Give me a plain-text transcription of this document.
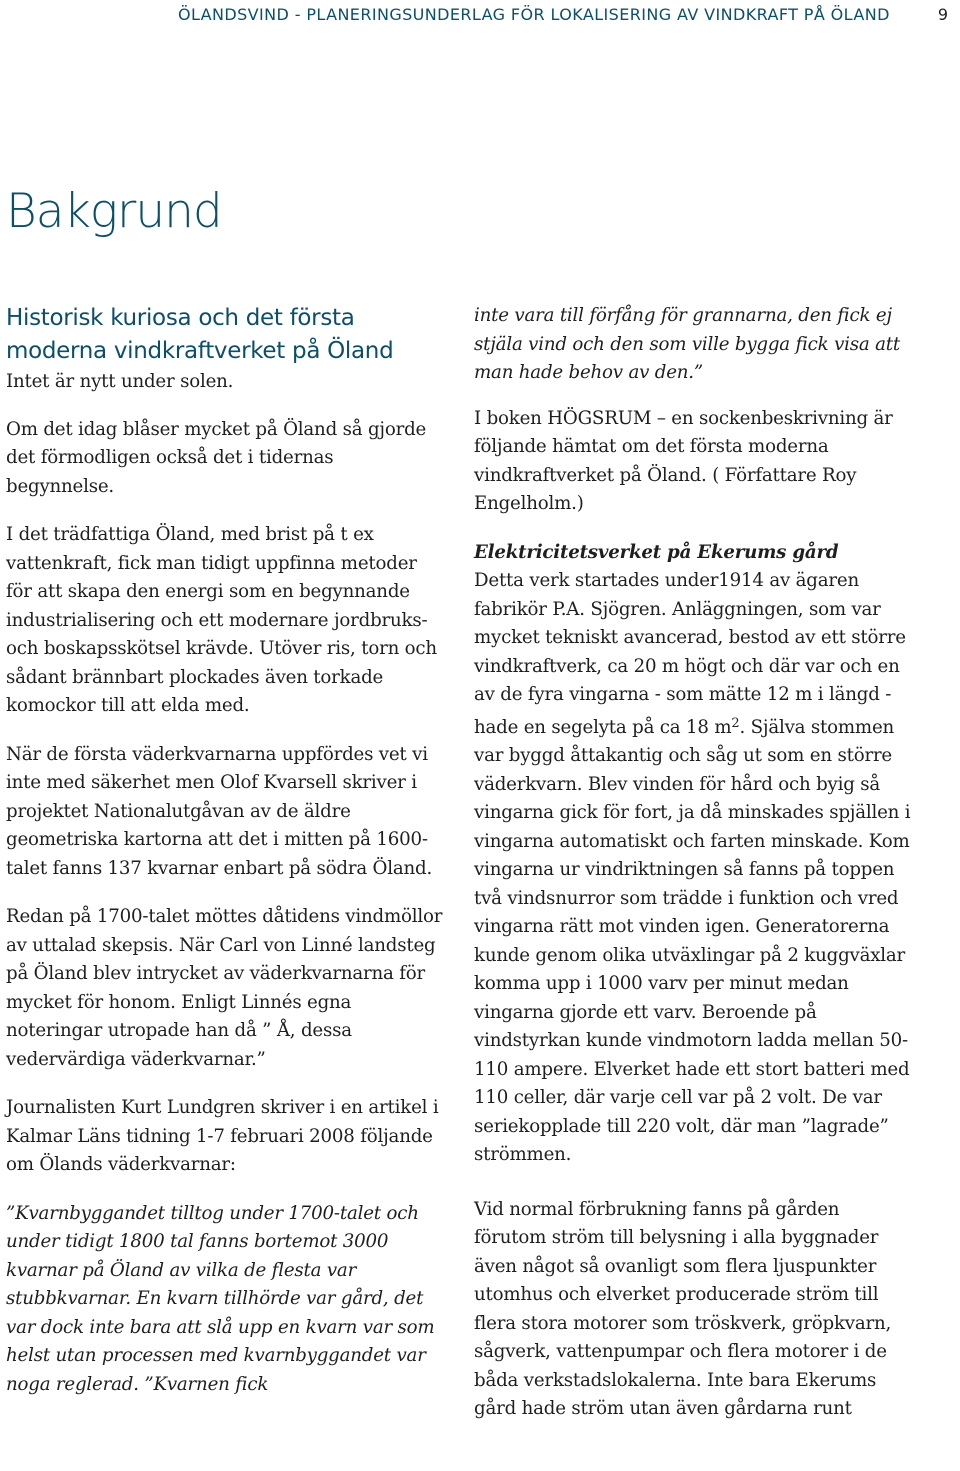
ÖLANDSVIND - PLANERINGSUNDERLAG FÖR LOKALISERING AV VINDKRAFT PÅ ÖLAND	9
Bakgrund
Historisk kuriosa och det första moderna vindkraftverket på Öland

Intet är nytt under solen.

Om det idag blåser mycket på Öland så gjorde det förmodligen också det i tidernas begynnelse.

I det trädfattiga Öland, med brist på t ex vattenkraft, fick man tidigt uppfinna metoder för att skapa den energi som en begynnande industrialisering och ett modernare jordbruks- och boskapsskötsel krävde. Utöver ris, torn och sådant brännbart plockades även torkade komockor till att elda med.

När de första väderkvarnarna uppfördes vet vi inte med säkerhet men Olof Kvarsell skriver i projektet Nationalutgåvan av de äldre geometriska kartorna att det i mitten på 1600-talet fanns 137 kvarnar enbart på södra Öland.

Redan på 1700-talet möttes dåtidens vindmöllor av uttalad skepsis. När Carl von Linné landsteg på Öland blev intrycket av väderkvarnarna för mycket för honom. Enligt Linnés egna noteringar utropade han då ” Å, dessa vedervärdiga väderkvarnar.”

Journalisten Kurt Lundgren skriver i en artikel i Kalmar Läns tidning 1-7 februari 2008 följande om Ölands väderkvarnar:

”Kvarnbyggandet tilltog under 1700-talet och under tidigt 1800 tal fanns bortemot 3000 kvarnar på Öland av vilka de flesta var stubbkvarnar. En kvarn tillhörde var gård, det var dock inte bara att slå upp en kvarn var som helst utan processen med kvarnbyggandet var noga reglerad. ”Kvarnen fick

inte vara till förfång för grannarna, den fick ej stjäla vind och den som ville bygga fick visa att man hade behov av den.”

I boken HÖGSRUM – en sockenbeskrivning är följande hämtat om det första moderna vindkraftverket på Öland. ( Författare Roy Engelholm.)

Elektricitetsverket på Ekerums gård
Detta verk startades under1914 av ägaren fabrikör P.A. Sjögren. Anläggningen, som var mycket tekniskt avancerad, bestod av ett större vindkraftverk, ca 20 m högt och där var och en av de fyra vingarna - som mätte 12 m i längd - hade en segelyta på ca 18 $m^2$. Själva stommen var byggd åttakantig och såg ut som en större väderkvarn. Blev vinden för hård och byig så vingarna gick för fort, ja då minskades spjällen i vingarna automatiskt och farten minskade. Kom vingarna ur vindriktningen så fanns på toppen två vindsnurror som trädde i funktion och vred vingarna rätt mot vinden igen. Generatorerna kunde genom olika utväxlingar på 2 kuggväxlar komma upp i 1000 varv per minut medan vingarna gjorde ett varv. Beroende på vindstyrkan kunde vindmotorn ladda mellan 50-110 ampere. Elverket hade ett stort batteri med 110 celler, där varje cell var på 2 volt. De var seriekopplade till 220 volt, där man ”lagrade” strömmen.

Vid normal förbrukning fanns på gården förutom ström till belysning i alla byggnader även något så ovanligt som flera ljuspunkter utomhus och elverket producerade ström till flera stora motorer som tröskverk, gröpkvarn, sågverk, vattenpumpar och flera motorer i de båda verkstadslokalerna. Inte bara Ekerums gård hade ström utan även gårdarna runt
